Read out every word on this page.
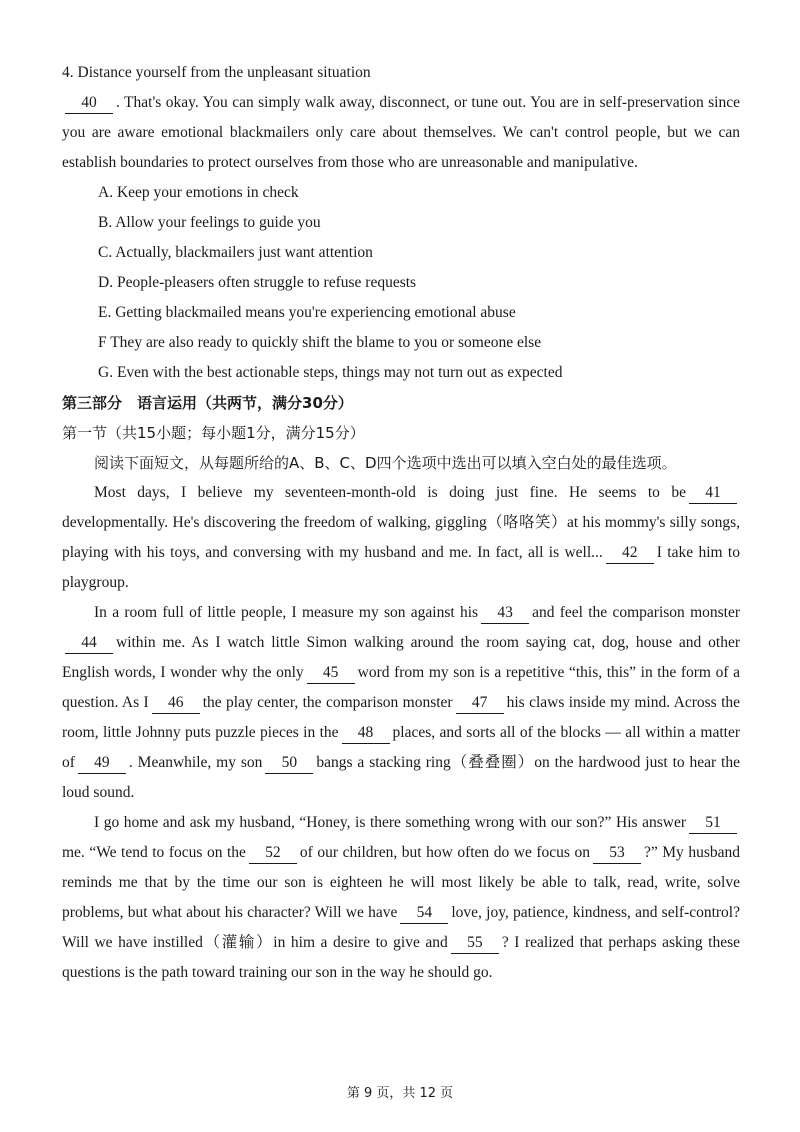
4. Distance yourself from the unpleasant situation
40 . That's okay. You can simply walk away, disconnect, or tune out. You are in self-preservation since you are aware emotional blackmailers only care about themselves. We can't control people, but we can establish boundaries to protect ourselves from those who are unreasonable and manipulative.
A. Keep your emotions in check
B. Allow your feelings to guide you
C. Actually, blackmailers just want attention
D. People-pleasers often struggle to refuse requests
E. Getting blackmailed means you're experiencing emotional abuse
F They are also ready to quickly shift the blame to you or someone else
G. Even with the best actionable steps, things may not turn out as expected
第三部分　语言运用（共两节，满分30分）
第一节（共15小题；每小题1分，满分15分）
阅读下面短文，从每题所给的A、B、C、D四个选项中选出可以填入空白处的最佳选项。
Most days, I believe my seventeen-month-old is doing just fine. He seems to be 41developmentally. He's discovering the freedom of walking, giggling（咯咯笑）at his mommy's silly songs, playing with his toys, and conversing with my husband and me. In fact, all is well... 42 I take him to playgroup.
In a room full of little people, I measure my son against his 43 and feel the comparison monster44 within me. As I watch little Simon walking around the room saying cat, dog, house and other English words, I wonder why the only 45 word from my son is a repetitive “this, this” in the form of a question. As I 46 the play center, the comparison monster 47 his claws inside my mind. Across the room, little Johnny puts puzzle pieces in the 48 places, and sorts all of the blocks — all within a matter of 49 . Meanwhile, my son 50 bangs a stacking ring（叠叠圈）on the hardwood just to hear the loud sound.
I go home and ask my husband, “Honey, is there something wrong with our son?” His answer 51me. “We tend to focus on the 52 of our children, but how often do we focus on 53 ?” My husband reminds me that by the time our son is eighteen he will most likely be able to talk, read, write, solve problems, but what about his character? Will we have 54 love, joy, patience, kindness, and self-control? Will we have instilled（灌输）in him a desire to give and 55 ? I realized that perhaps asking these questions is the path toward training our son in the way he should go.
第 9 页，共 12 页
